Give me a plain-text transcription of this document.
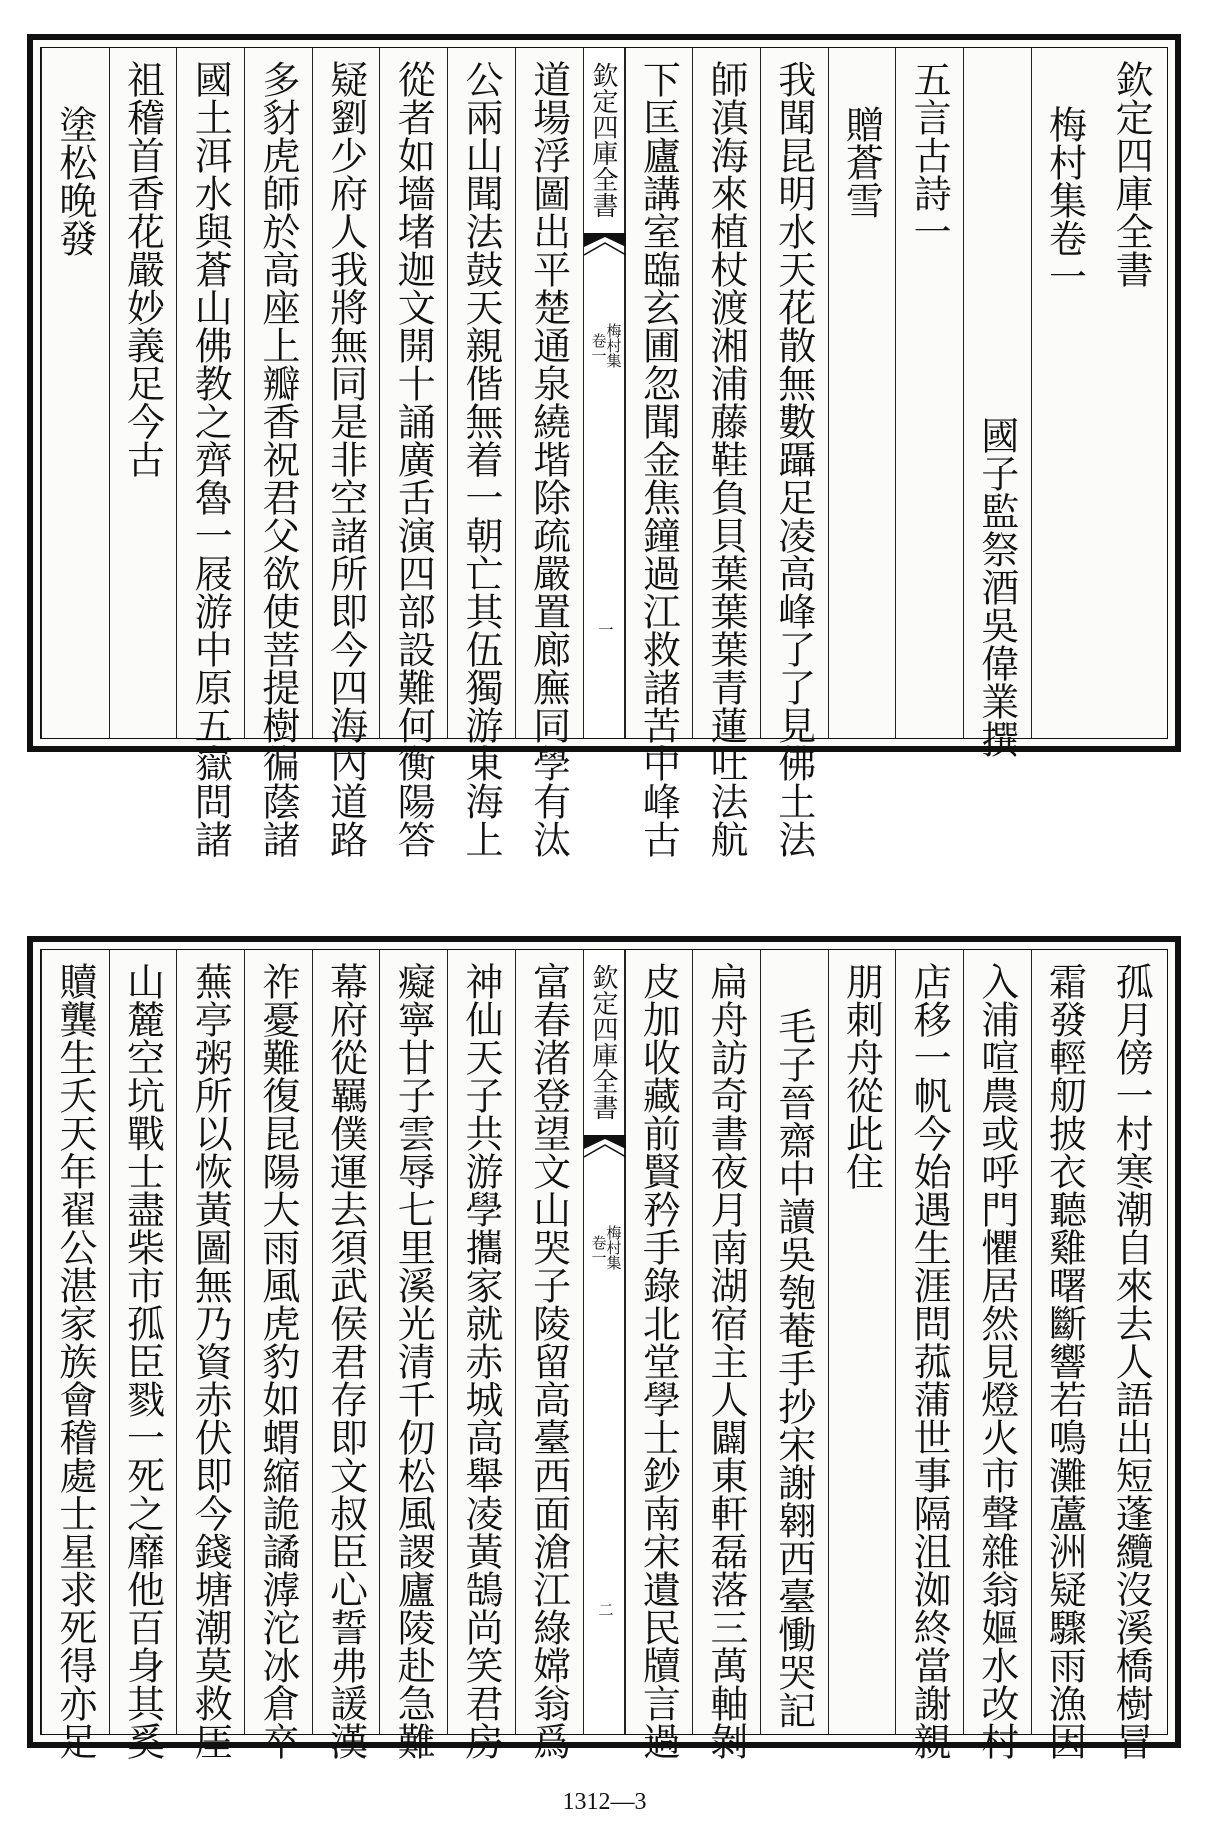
欽定四庫全書
梅村集卷一
國子監祭酒吳偉業撰
五言古詩一
贈蒼雪
我聞昆明水天花散無數躡足凌高峰了了見佛土法
師滇海來植杖渡湘浦藤鞋負貝葉葉葉青蓮吐法航
下匡廬講室臨玄圃忽聞金焦鐘過江救諸苦中峰古
欽定四庫全書
梅村集
卷一
一
道場浮圖出平楚通泉繞堦除疏嚴置廊廡同學有汰
公兩山聞法鼓天親偕無着一朝亡其伍獨游東海上
從者如墻堵迦文開十誦廣舌演四部設難何衡陽答
疑劉少府人我將無同是非空諸所即今四海內道路
多豺虎師於高座上瓣香祝君父欲使菩提樹徧蔭諸
國土洱水與蒼山佛教之齊魯一屐游中原五嶽問諸
祖稽首香花嚴妙義足今古
塗松晚發
孤月傍一村寒潮自來去人語出短蓬纜沒溪橋樹冒
霜發輕舠披衣聽雞曙斷響若鳴灘蘆洲疑驟雨漁因
入浦喧農或呼門懼居然見燈火市聲雜翁嫗水改村
店移一帆今始遇生涯問菰蒲世事隔沮洳終當謝親
朋刺舟從此住
毛子晉齋中讀吳匏菴手抄宋謝翱西臺慟哭記
扁舟訪奇書夜月南湖宿主人闢東軒磊落三萬軸剝
皮加收藏前賢矜手錄北堂學士鈔南宋遺民牘言過
欽定四庫全書
梅村集
卷一
二
富春渚登望文山哭子陵留高臺西面滄江綠嫦翁爲
神仙天子共游學攜家就赤城高舉凌黃鵠尚笑君房
癡寧甘子雲辱七里溪光清千仞松風謖廬陵赴急難
幕府從羈僕運去須武侯君存即文叔臣心誓弗諼漢
祚憂難復昆陽大雨風虎豹如蝟縮詭譎滹沱冰倉卒
蕪亭粥所以恢黃圖無乃資赤伏即今錢塘潮莫救厓
山麓空坑戰士盡柴市孤臣戮一死之靡他百身其奚
贖龔生夭天年翟公湛家族會稽處士星求死得亦足
1312—3
